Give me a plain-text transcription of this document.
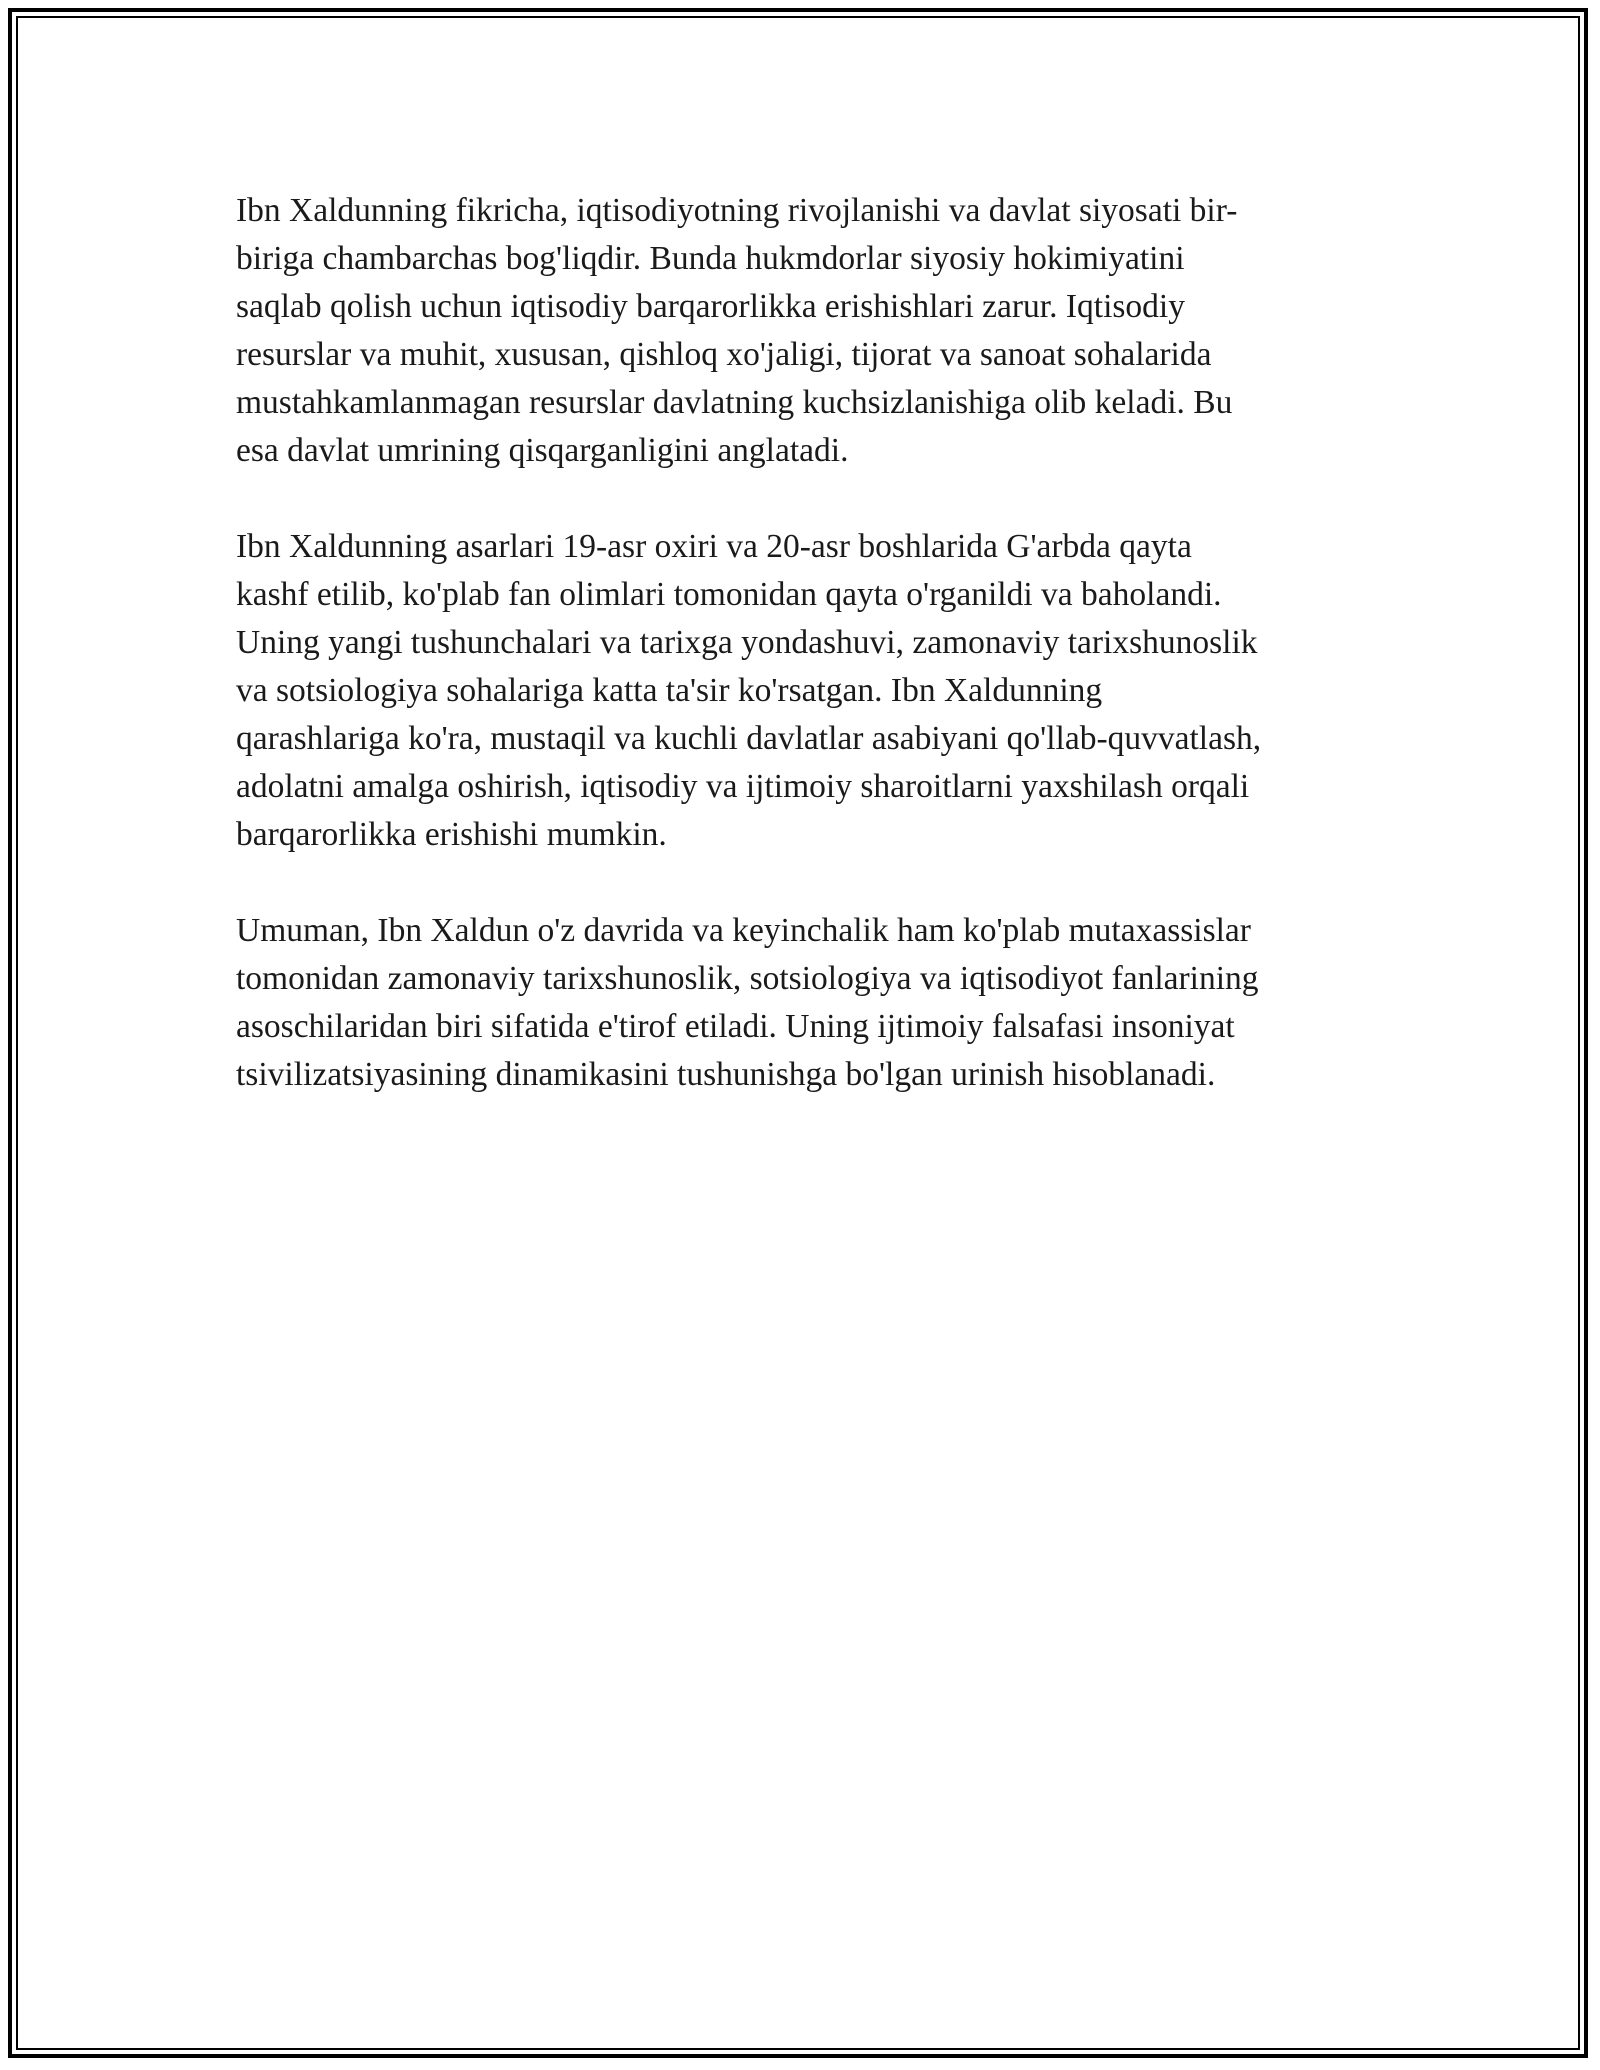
Ibn Xaldunning fikricha, iqtisodiyotning rivojlanishi va davlat siyosati bir-
biriga chambarchas bog'liqdir. Bunda hukmdorlar siyosiy hokimiyatini
saqlab qolish uchun iqtisodiy barqarorlikka erishishlari zarur. Iqtisodiy
resurslar va muhit, xususan, qishloq xo'jaligi, tijorat va sanoat sohalarida
mustahkamlanmagan resurslar davlatning kuchsizlanishiga olib keladi. Bu
esa davlat umrining qisqarganligini anglatadi.

Ibn Xaldunning asarlari 19-asr oxiri va 20-asr boshlarida G'arbda qayta
kashf etilib, ko'plab fan olimlari tomonidan qayta o'rganildi va baholandi.
Uning yangi tushunchalari va tarixga yondashuvi, zamonaviy tarixshunoslik
va sotsiologiya sohalariga katta ta'sir ko'rsatgan. Ibn Xaldunning
qarashlariga ko'ra, mustaqil va kuchli davlatlar asabiyani qo'llab-quvvatlash,
adolatni amalga oshirish, iqtisodiy va ijtimoiy sharoitlarni yaxshilash orqali
barqarorlikka erishishi mumkin.

Umuman, Ibn Xaldun o'z davrida va keyinchalik ham ko'plab mutaxassislar
tomonidan zamonaviy tarixshunoslik, sotsiologiya va iqtisodiyot fanlarining
asoschilaridan biri sifatida e'tirof etiladi. Uning ijtimoiy falsafasi insoniyat
tsivilizatsiyasining dinamikasini tushunishga bo'lgan urinish hisoblanadi.
